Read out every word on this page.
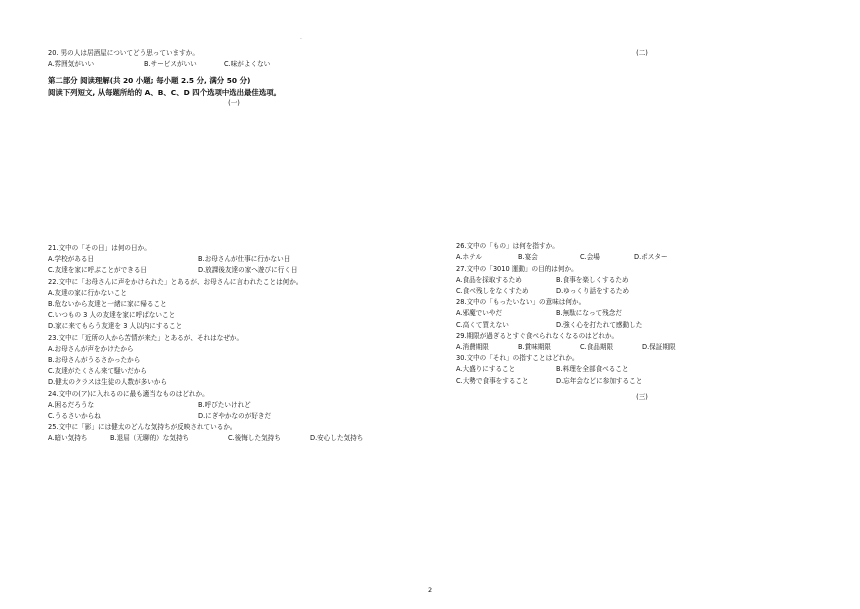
·
20. 男の人は居酒屋についてどう思っていますか。
A.雰囲気がいい	B.サービスがいい	C.味がよくない
第二部分 阅读理解(共 20 小题; 每小题 2.5 分, 满分 50 分)
阅读下列短文, 从每题所给的 A、B、C、D 四个选项中选出最佳选项。
(一)
21.文中の「その日」は何の日か。
A.学校がある日	B.お母さんが仕事に行かない日
C.友達を家に呼ぶことができる日	D.放課後友達の家へ遊びに行く日
22.文中に「お母さんに声をかけられた」とあるが、お母さんに言われたことは何か。
A.友達の家に行かないこと
B.危ないから友達と一緒に家に帰ること
C.いつもの 3 人の友達を家に呼ばないこと
D.家に来てもらう友達を 3 人以内にすること
23.文中に「近所の人から苦情が来た」とあるが、それはなぜか。
A.お母さんが声をかけたから
B.お母さんがうるさかったから
C.友達がたくさん来て騒いだから
D.健太のクラスは生徒の人数が多いから
24.文中の(ア)に入れるのに最も適当なものはどれか。
A.困るだろうな	B.呼びたいけれど
C.うるさいからね	D.にぎやかなのが好きだ
25.文中に「影」には健太のどんな気持ちが反映されているか。
A.暗い気持ち	B.退屈（无聊的）な気持ち	C.後悔した気持ち	D.安心した気持ち
(二)
26.文中の「もの」は何を指すか。
A.ホテル	B.宴会	C.会場	D.ポスター
27.文中の「3010 運動」の目的は何か。
A.食品を採取するため	B.食事を楽しくするため
C.食べ残しをなくすため	D.ゆっくり話をするため
28.文中の「もったいない」の意味は何か。
A.邪魔でいやだ	B.無駄になって残念だ
C.高くて買えない	D.強く心を打たれて感動した
29.期限が過ぎるとすぐ食べられなくなるのはどれか。
A.消費期限	B.賞味期限	C.食品期限	D.保証期限
30.文中の「それ」の指すことはどれか。
A.大盛りにすること	B.料理を全部食べること
C.大勢で食事をすること	D.忘年会などに参加すること
(三)
2
